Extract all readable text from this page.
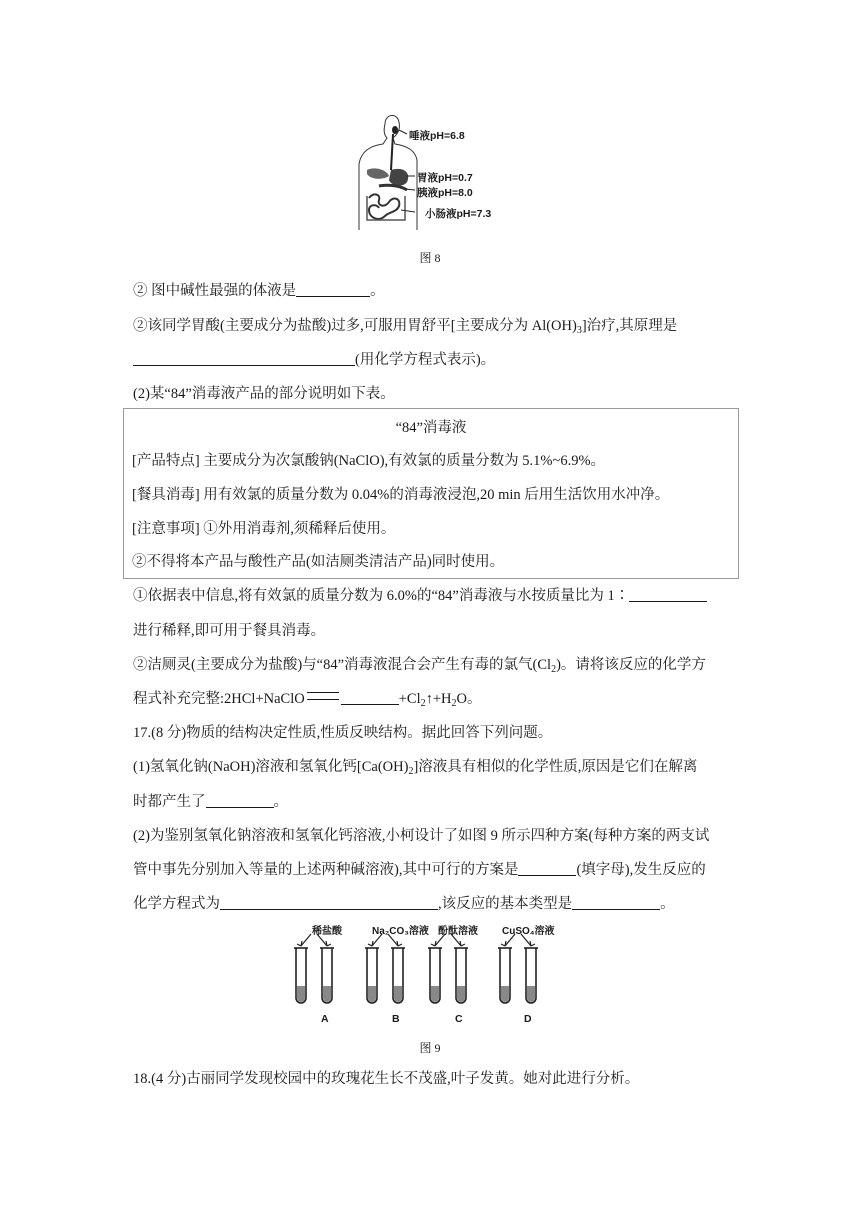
唾液pH=6.8
胃液pH=0.7
胰液pH=8.0
小肠液pH=7.3
图 8
② 图中碱性最强的体液是	。
②该同学胃酸(主要成分为盐酸)过多,可服用胃舒平[主要成分为 $Al(OH)_3$]治疗,其原理是
(用化学方程式表示)。
(2)某“84”消毒液产品的部分说明如下表。
“84”消毒液
[产品特点] 主要成分为次氯酸钠(NaClO),有效氯的质量分数为 5.1%~6.9%。
[餐具消毒] 用有效氯的质量分数为 0.04%的消毒液浸泡,20 min 后用生活饮用水冲净。
[注意事项] ①外用消毒剂,须稀释后使用。
②不得将本产品与酸性产品(如洁厕类清洁产品)同时使用。
①依据表中信息,将有效氯的质量分数为 6.0%的“84”消毒液与水按质量比为 1∶
进行稀释,即可用于餐具消毒。
②洁厕灵(主要成分为盐酸)与“84”消毒液混合会产生有毒的氯气$(Cl_2)$。请将该反应的化学方
程式补充完整:2HCl+NaClO	$+Cl_2↑+H_2O$。
17.(8 分)物质的结构决定性质,性质反映结构。据此回答下列问题。
(1)氢氧化钠(NaOH)溶液和氢氧化钙$[Ca(OH)_2]$溶液具有相似的化学性质,原因是它们在解离
时都产生了	。
(2)为鉴别氢氧化钠溶液和氢氧化钙溶液,小柯设计了如图 9 所示四种方案(每种方案的两支试
管中事先分别加入等量的上述两种碱溶液),其中可行的方案是	(填字母),发生反应的
化学方程式为	,该反应的基本类型是	。
稀盐酸	Na₂CO₃溶液 酚酞溶液 CuSO₄溶液
A	B	C	D
图 9
18.(4 分)古丽同学发现校园中的玫瑰花生长不茂盛,叶子发黄。她对此进行分析。
